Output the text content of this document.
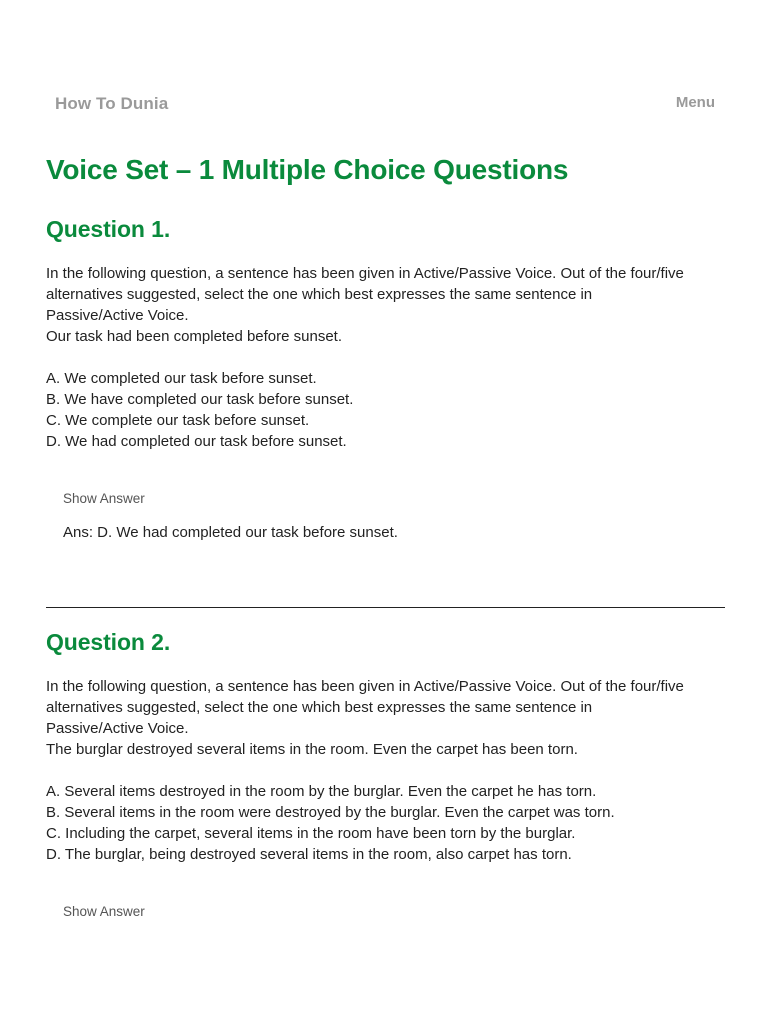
How To Dunia	Menu
Voice Set – 1 Multiple Choice Questions
Question 1.

In the following question, a sentence has been given in Active/Passive Voice. Out of the four/five alternatives suggested, select the one which best expresses the same sentence in Passive/Active Voice.

Our task had been completed before sunset.

A. We completed our task before sunset.
B. We have completed our task before sunset.
C. We complete our task before sunset.
D. We had completed our task before sunset.
Show Answer

Ans: D. We had completed our task before sunset.

Question 2.

In the following question, a sentence has been given in Active/Passive Voice. Out of the four/five alternatives suggested, select the one which best expresses the same sentence in Passive/Active Voice.

The burglar destroyed several items in the room. Even the carpet has been torn.

A. Several items destroyed in the room by the burglar. Even the carpet he has torn.
B. Several items in the room were destroyed by the burglar. Even the carpet was torn.
C. Including the carpet, several items in the room have been torn by the burglar.
D. The burglar, being destroyed several items in the room, also carpet has torn.
Show Answer
